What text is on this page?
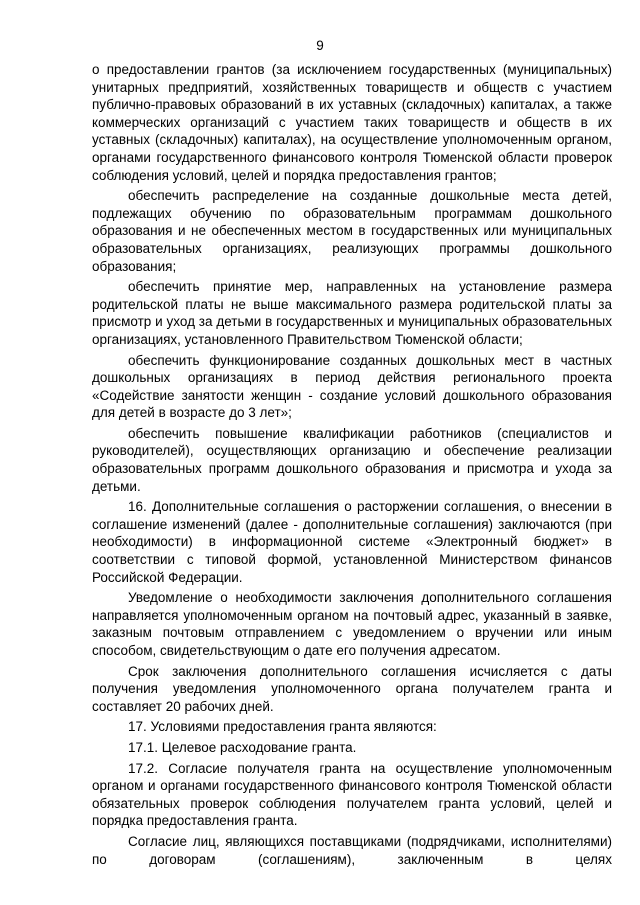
9

о предоставлении грантов (за исключением государственных (муниципальных) унитарных предприятий, хозяйственных товариществ и обществ с участием публично-правовых образований в их уставных (складочных) капиталах, а также коммерческих организаций с участием таких товариществ и обществ в их уставных (складочных) капиталах), на осуществление уполномоченным органом, органами государственного финансового контроля Тюменской области проверок соблюдения условий, целей и порядка предоставления грантов;

обеспечить распределение на созданные дошкольные места детей, подлежащих обучению по образовательным программам дошкольного образования и не обеспеченных местом в государственных или муниципальных образовательных организациях, реализующих программы дошкольного образования;

обеспечить принятие мер, направленных на установление размера родительской платы не выше максимального размера родительской платы за присмотр и уход за детьми в государственных и муниципальных образовательных организациях, установленного Правительством Тюменской области;

обеспечить функционирование созданных дошкольных мест в частных дошкольных организациях в период действия регионального проекта «Содействие занятости женщин - создание условий дошкольного образования для детей в возрасте до 3 лет»;

обеспечить повышение квалификации работников (специалистов и руководителей), осуществляющих организацию и обеспечение реализации образовательных программ дошкольного образования и присмотра и ухода за детьми.

16. Дополнительные соглашения о расторжении соглашения, о внесении в соглашение изменений (далее - дополнительные соглашения) заключаются (при необходимости) в информационной системе «Электронный бюджет» в соответствии с типовой формой, установленной Министерством финансов Российской Федерации.

Уведомление о необходимости заключения дополнительного соглашения направляется уполномоченным органом на почтовый адрес, указанный в заявке, заказным почтовым отправлением с уведомлением о вручении или иным способом, свидетельствующим о дате его получения адресатом.

Срок заключения дополнительного соглашения исчисляется с даты получения уведомления уполномоченного органа получателем гранта и составляет 20 рабочих дней.

17. Условиями предоставления гранта являются:

17.1. Целевое расходование гранта.

17.2. Согласие получателя гранта на осуществление уполномоченным органом и органами государственного финансового контроля Тюменской области обязательных проверок соблюдения получателем гранта условий, целей и порядка предоставления гранта.

Согласие лиц, являющихся поставщиками (подрядчиками, исполнителями) по договорам (соглашениям), заключенным в целях
